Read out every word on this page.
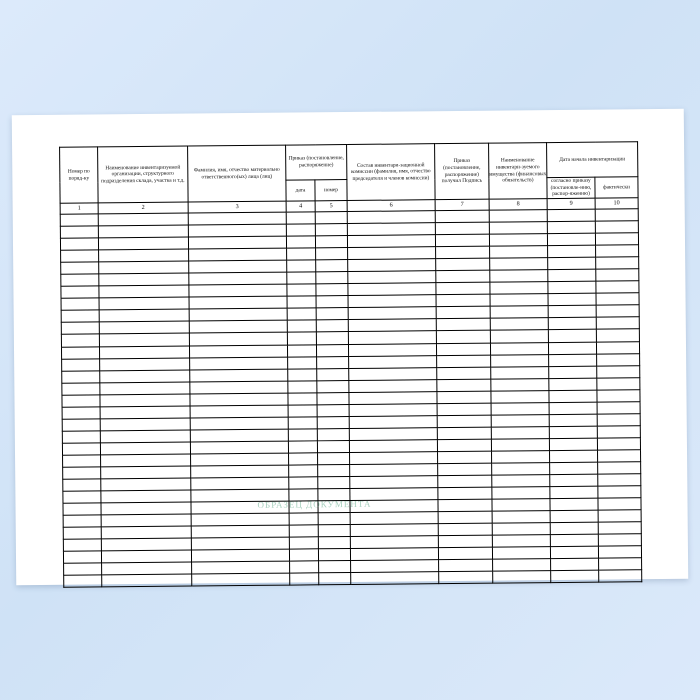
Номер по поряд-ку	Наименование инвентаризуемой организации, структурного подразделения склада, участка и т.д.	Фамилия, имя, отчество материально ответственного(ых) лица (лиц)	Приказ (постановление, распоряжение)		Состав инвентари-зационной комиссии (фамилия, имя, отчество председателя и членов комиссии)	Приказ (постановление, распоряжение) получил Подпись	Наименование инвентари-зуемого имущества (финансовых обязательств)	Дата начала инвентаризации	
			дата	номер				согласно приказу (постановле-нию, распор-яжению)	фактически
1	2	3	4	5	6	7	8	9	10

ОБРАЗЕЦ ДОКУМЕНТА
